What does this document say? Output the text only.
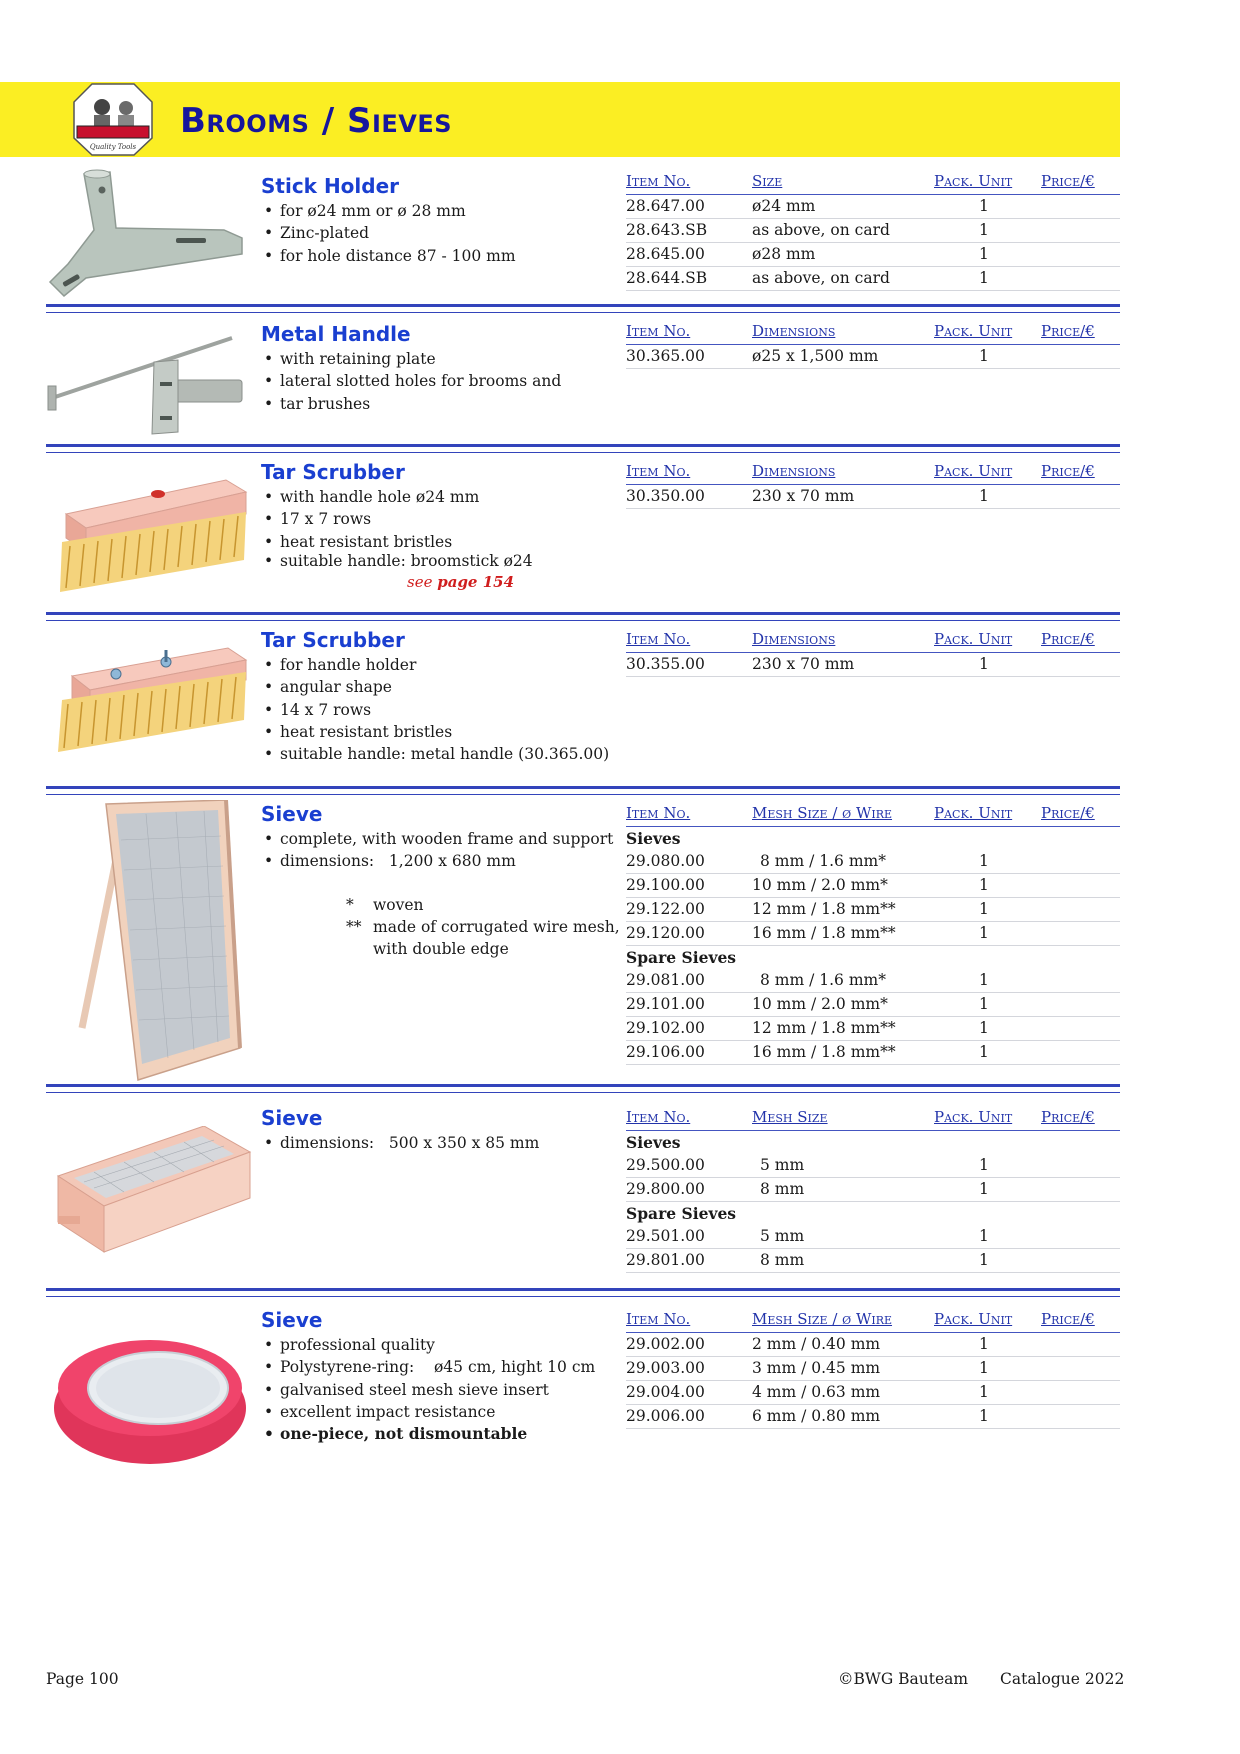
Quality Tools
Brooms / Sieves
Stick Holder
• for ø24 mm or ø 28 mm
• Zinc-plated
• for hole distance 87 - 100 mm
Item No.	Size	Pack. Unit Price/€
28.647.00	ø24 mm	1
28.643.SB	as above, on card	1
28.645.00	ø28 mm	1
28.644.SB	as above, on card	1
Metal Handle
• with retaining plate
• lateral slotted holes for brooms and
• tar brushes
Item No.	Dimensions	Pack. Unit Price/€
30.365.00	ø25 x 1,500 mm	1
Tar Scrubber
• with handle hole ø24 mm
• 17 x 7 rows
• heat resistant bristles
• suitable handle: broomstick ø24
see page 154
Item No.	Dimensions	Pack. Unit Price/€
30.350.00	230 x 70 mm	1
Tar Scrubber
• for handle holder
• angular shape
• 14 x 7 rows
• heat resistant bristles
• suitable handle: metal handle (30.365.00)
Item No.	Dimensions	Pack. Unit Price/€
30.355.00	230 x 70 mm	1
Sieve
• complete, with wooden frame and support
• dimensions:   1,200 x 680 mm
* woven
** made of corrugated wire mesh,
with double edge
Item No.	Mesh Size / ø Wire	Pack. Unit Price/€
Sieves
29.080.00	8 mm / 1.6 mm*	1
29.100.00	10 mm / 2.0 mm*	1
29.122.00	12 mm / 1.8 mm**	1
29.120.00	16 mm / 1.8 mm**	1
Spare Sieves
29.081.00	8 mm / 1.6 mm*	1
29.101.00	10 mm / 2.0 mm*	1
29.102.00	12 mm / 1.8 mm**	1
29.106.00	16 mm / 1.8 mm**	1
Sieve
• dimensions:   500 x 350 x 85 mm
Item No.	Mesh Size	Pack. Unit Price/€
Sieves
29.500.00	5 mm	1
29.800.00	8 mm	1
Spare Sieves
29.501.00	5 mm	1
29.801.00	8 mm	1
Sieve
• professional quality
• Polystyrene-ring:    ø45 cm, hight 10 cm
• galvanised steel mesh sieve insert
• excellent impact resistance
• one-piece, not dismountable
Item No.	Mesh Size / ø Wire	Pack. Unit Price/€
29.002.00	2 mm / 0.40 mm	1
29.003.00	3 mm / 0.45 mm	1
29.004.00	4 mm / 0.63 mm	1
29.006.00	6 mm / 0.80 mm	1
Page 100	©BWG Bauteam Catalogue 2022
